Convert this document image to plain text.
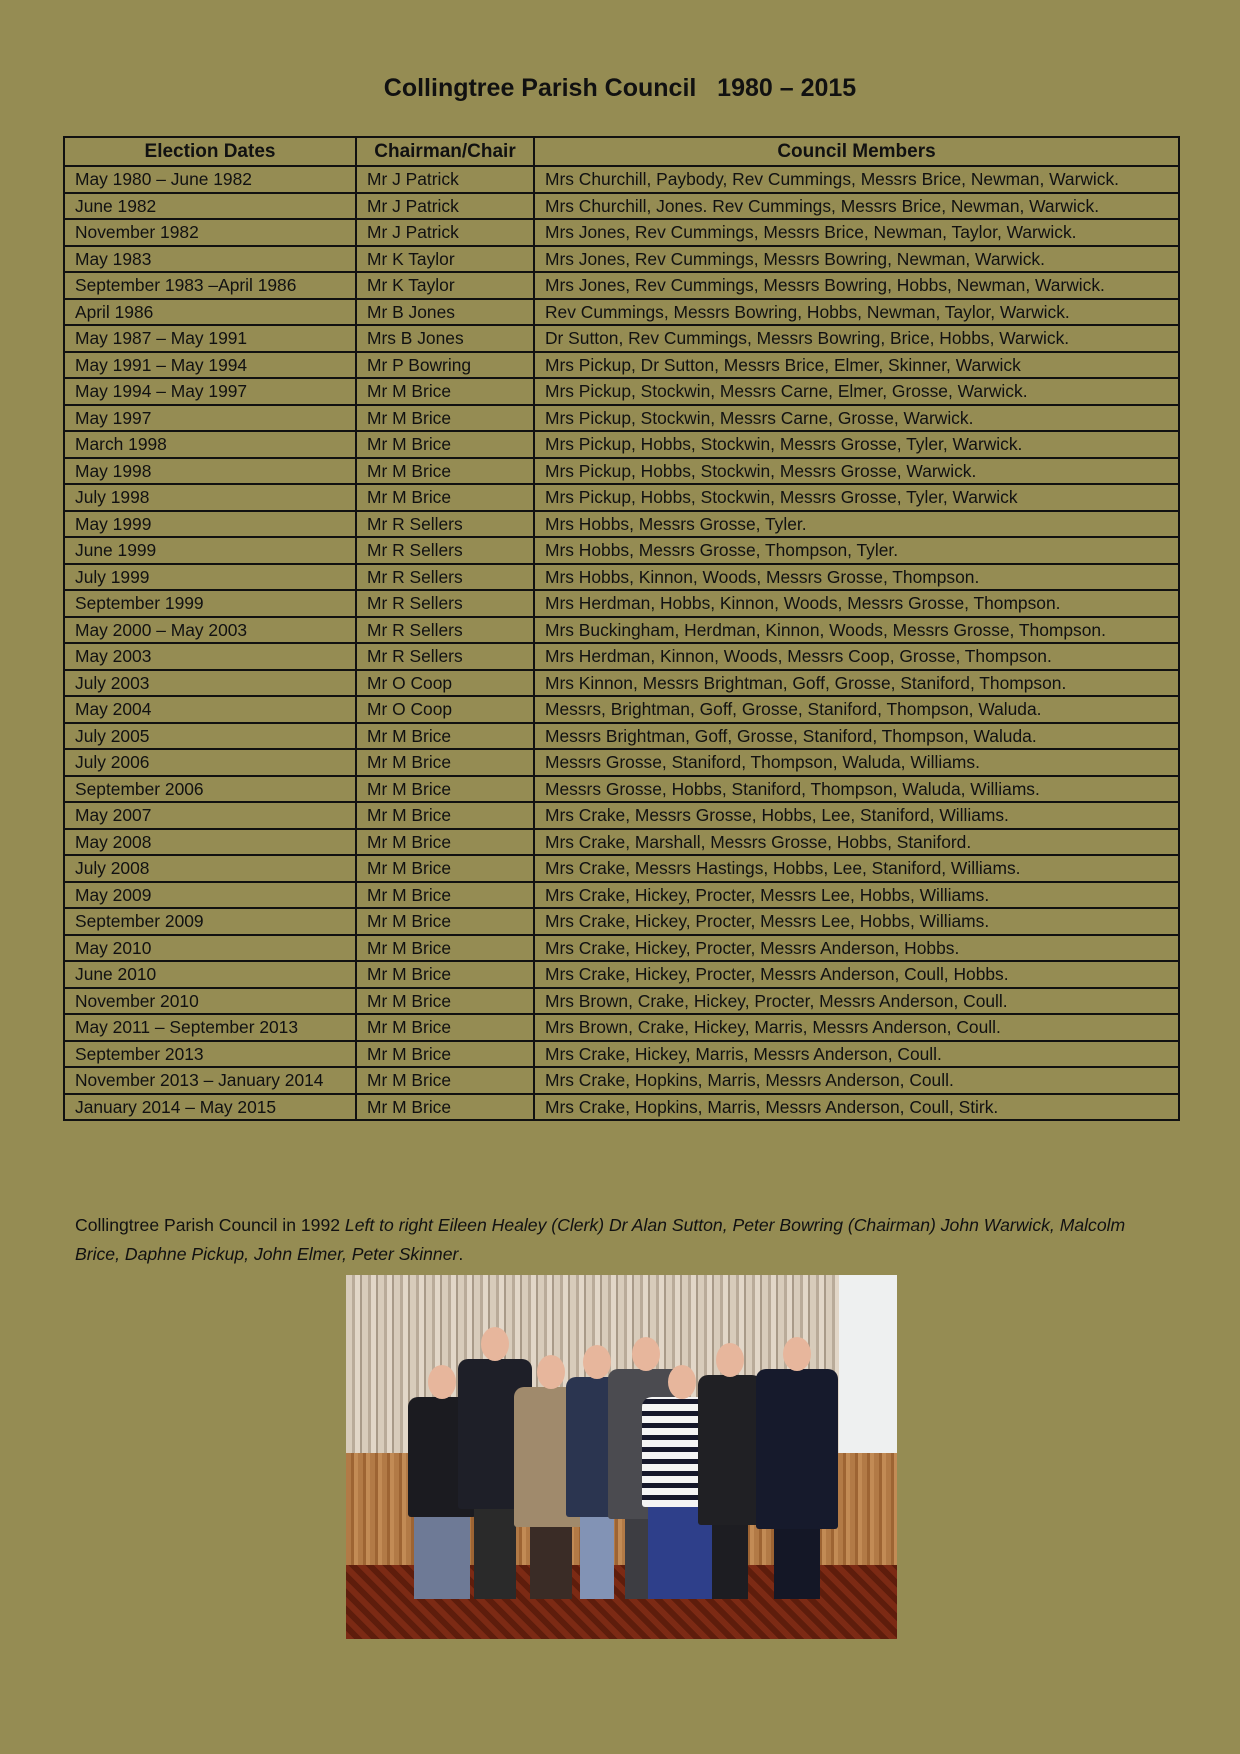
Collingtree Parish Council   1980 – 2015
Election Dates	Chairman/Chair	Council Members
May 1980 – June 1982	Mr J Patrick	Mrs Churchill, Paybody, Rev Cummings, Messrs Brice, Newman, Warwick.
June 1982	Mr J Patrick	Mrs Churchill, Jones. Rev Cummings, Messrs Brice, Newman, Warwick.
November 1982	Mr J Patrick	Mrs Jones, Rev Cummings, Messrs Brice, Newman, Taylor, Warwick.
May 1983	Mr K Taylor	Mrs Jones, Rev Cummings, Messrs Bowring, Newman, Warwick.
September 1983 –April 1986	Mr K Taylor	Mrs Jones, Rev Cummings, Messrs Bowring, Hobbs, Newman, Warwick.
April 1986	Mr B Jones	Rev Cummings, Messrs Bowring, Hobbs, Newman, Taylor, Warwick.
May 1987 – May 1991	Mrs B Jones	Dr Sutton, Rev Cummings, Messrs Bowring, Brice, Hobbs, Warwick.
May 1991 – May 1994	Mr P Bowring	Mrs Pickup, Dr Sutton, Messrs Brice, Elmer, Skinner, Warwick
May 1994 – May 1997	Mr M Brice	Mrs Pickup, Stockwin, Messrs Carne, Elmer, Grosse, Warwick.
May 1997	Mr M Brice	Mrs Pickup, Stockwin, Messrs Carne, Grosse, Warwick.
March 1998	Mr M Brice	Mrs Pickup, Hobbs, Stockwin, Messrs Grosse, Tyler, Warwick.
May 1998	Mr M Brice	Mrs Pickup, Hobbs, Stockwin, Messrs Grosse, Warwick.
July 1998	Mr M Brice	Mrs Pickup, Hobbs, Stockwin, Messrs Grosse, Tyler, Warwick
May 1999	Mr R Sellers	Mrs Hobbs, Messrs Grosse, Tyler.
June 1999	Mr R Sellers	Mrs Hobbs, Messrs Grosse, Thompson, Tyler.
July 1999	Mr R Sellers	Mrs Hobbs, Kinnon, Woods, Messrs Grosse, Thompson.
September 1999	Mr R Sellers	Mrs Herdman, Hobbs, Kinnon, Woods, Messrs Grosse, Thompson.
May 2000 – May 2003	Mr R Sellers	Mrs Buckingham, Herdman, Kinnon, Woods, Messrs Grosse, Thompson.
May 2003	Mr R Sellers	Mrs Herdman, Kinnon, Woods, Messrs Coop, Grosse, Thompson.
July 2003	Mr O Coop	Mrs Kinnon, Messrs Brightman, Goff, Grosse, Staniford, Thompson.
May 2004	Mr O Coop	Messrs, Brightman, Goff, Grosse, Staniford, Thompson, Waluda.
July 2005	Mr M Brice	Messrs Brightman, Goff, Grosse, Staniford, Thompson, Waluda.
July 2006	Mr M Brice	Messrs Grosse, Staniford, Thompson, Waluda, Williams.
September 2006	Mr M Brice	Messrs Grosse, Hobbs, Staniford, Thompson, Waluda, Williams.
May 2007	Mr M Brice	Mrs Crake, Messrs Grosse, Hobbs, Lee, Staniford, Williams.
May 2008	Mr M Brice	Mrs Crake, Marshall, Messrs Grosse, Hobbs, Staniford.
July 2008	Mr M Brice	Mrs Crake, Messrs Hastings, Hobbs, Lee, Staniford, Williams.
May 2009	Mr M Brice	Mrs Crake, Hickey, Procter, Messrs Lee, Hobbs, Williams.
September 2009	Mr M Brice	Mrs Crake, Hickey, Procter, Messrs Lee, Hobbs, Williams.
May 2010	Mr M Brice	Mrs Crake, Hickey, Procter, Messrs Anderson, Hobbs.
June 2010	Mr M Brice	Mrs Crake, Hickey, Procter, Messrs Anderson, Coull, Hobbs.
November 2010	Mr M Brice	Mrs Brown, Crake, Hickey, Procter, Messrs Anderson, Coull.
May 2011 – September 2013	Mr M Brice	Mrs Brown, Crake, Hickey, Marris, Messrs Anderson, Coull.
September 2013	Mr M Brice	Mrs Crake, Hickey, Marris, Messrs Anderson, Coull.
November 2013 – January 2014	Mr M Brice	Mrs Crake, Hopkins, Marris, Messrs Anderson, Coull.
January 2014 – May 2015	Mr M Brice	Mrs Crake, Hopkins, Marris, Messrs Anderson, Coull, Stirk.

Collingtree Parish Council in 1992 Left to right Eileen Healey (Clerk) Dr Alan Sutton, Peter Bowring (Chairman) John Warwick, Malcolm Brice, Daphne Pickup, John Elmer, Peter Skinner.
